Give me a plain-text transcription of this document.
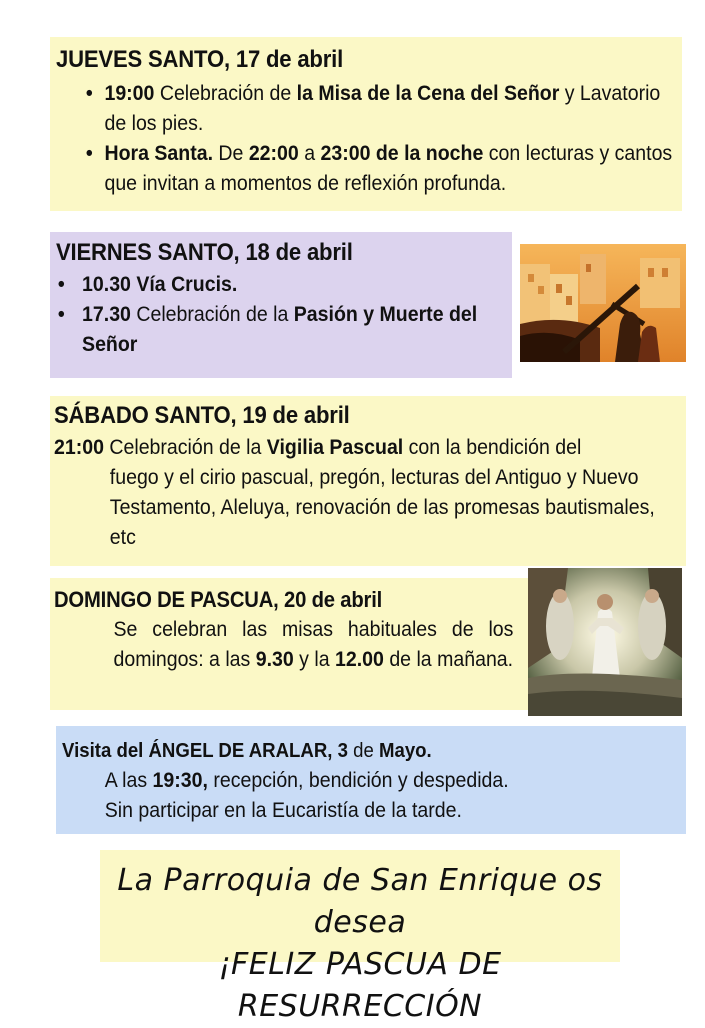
JUEVES SANTO, 17 de abril
• 19:00 Celebración de la Misa de la Cena del Señor y Lavatorio de los pies.
• Hora Santa. De 22:00 a 23:00 de la noche con lecturas y cantos que invitan a momentos de reflexión profunda.
VIERNES SANTO, 18 de abril
• 10.30 Vía Crucis.
• 17.30 Celebración de la Pasión y Muerte del Señor
SÁBADO SANTO, 19 de abril
21:00 Celebración de la Vigilia Pascual con la bendición del
fuego y el cirio pascual, pregón, lecturas del Antiguo y Nuevo Testamento, Aleluya, renovación de las promesas bautismales, etc
DOMINGO DE PASCUA, 20 de abril
Se celebran las misas habituales de los domingos: a las 9.30 y la 12.00 de la mañana.
Visita del ÁNGEL DE ARALAR, 3 de Mayo.
A las 19:30, recepción, bendición y despedida.
Sin participar en la Eucaristía de la tarde.
La Parroquia de San Enrique os desea
¡FELIZ PASCUA DE RESURRECCIÓN
